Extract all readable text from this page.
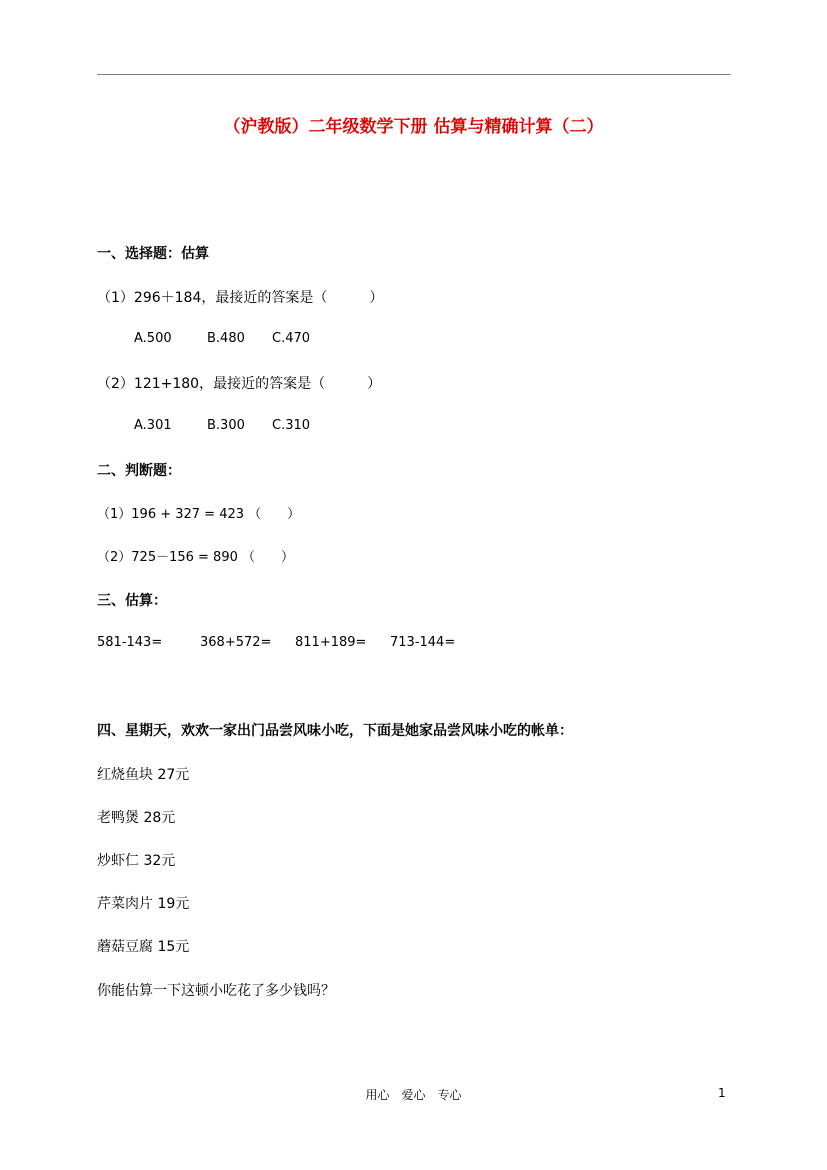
（沪教版）二年级数学下册 估算与精确计算（二）
一、选择题：估算
（1）296＋184，最接近的答案是（　　　）
A.500	B.480 C.470
（2）121+180，最接近的答案是（　　　）
A.301	B.300 C.310
二、判断题：
（1）196 + 327 = 423 （　　）
（2）725－156 = 890 （　　）
三、估算：
581-143=	368+572= 811+189= 713-144=
四、星期天，欢欢一家出门品尝风味小吃，下面是她家品尝风味小吃的帐单：
红烧鱼块 27元
老鸭煲 28元
炒虾仁 32元
芹菜肉片 19元
蘑菇豆腐 15元
你能估算一下这顿小吃花了多少钱吗？
用心　爱心　专心	1
